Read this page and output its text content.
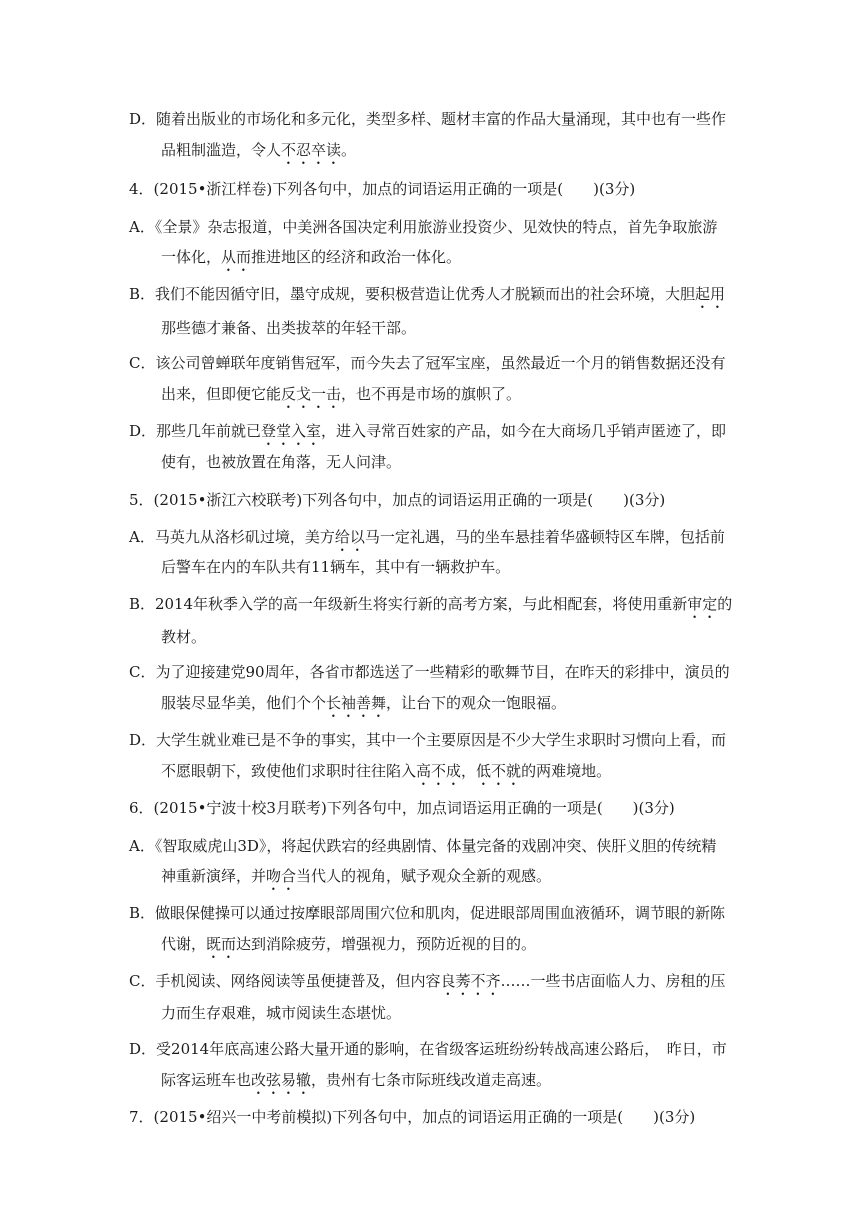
D．随着出版业的市场化和多元化，类型多样、题材丰富的作品大量涌现，其中也有一些作
品粗制滥造，令人不忍卒读。
4．(2015•浙江样卷)下列各句中，加点的词语运用正确的一项是(　　)(3分)
A．《全景》杂志报道，中美洲各国决定利用旅游业投资少、见效快的特点，首先争取旅游
一体化，从而推进地区的经济和政治一体化。
B．我们不能因循守旧，墨守成规，要积极营造让优秀人才脱颖而出的社会环境，大胆起用
那些德才兼备、出类拔萃的年轻干部。
C．该公司曾蝉联年度销售冠军，而今失去了冠军宝座，虽然最近一个月的销售数据还没有
出来，但即便它能反戈一击，也不再是市场的旗帜了。
D．那些几年前就已登堂入室，进入寻常百姓家的产品，如今在大商场几乎销声匿迹了，即
使有，也被放置在角落，无人问津。
5．(2015•浙江六校联考)下列各句中，加点的词语运用正确的一项是(　　)(3分)
A．马英九从洛杉矶过境，美方给以马一定礼遇，马的坐车悬挂着华盛顿特区车牌，包括前
后警车在内的车队共有11辆车，其中有一辆救护车。
B．2014年秋季入学的高一年级新生将实行新的高考方案，与此相配套，将使用重新审定的
教材。
C．为了迎接建党90周年，各省市都选送了一些精彩的歌舞节目，在昨天的彩排中，演员的
服装尽显华美，他们个个长袖善舞，让台下的观众一饱眼福。
D．大学生就业难已是不争的事实，其中一个主要原因是不少大学生求职时习惯向上看，而
不愿眼朝下，致使他们求职时往往陷入高不成，低不就的两难境地。
6．(2015•宁波十校3月联考)下列各句中，加点词语运用正确的一项是(　　)(3分)
A．《智取威虎山3D》，将起伏跌宕的经典剧情、体量完备的戏剧冲突、侠肝义胆的传统精
神重新演绎，并吻合当代人的视角，赋予观众全新的观感。
B．做眼保健操可以通过按摩眼部周围穴位和肌肉，促进眼部周围血液循环，调节眼的新陈
代谢，既而达到消除疲劳，增强视力，预防近视的目的。
C．手机阅读、网络阅读等虽便捷普及，但内容良莠不齐……一些书店面临人力、房租的压
力而生存艰难，城市阅读生态堪忧。
D．受2014年底高速公路大量开通的影响，在省级客运班纷纷转战高速公路后，　昨日，市
际客运班车也改弦易辙，贵州有七条市际班线改道走高速。
7．(2015•绍兴一中考前模拟)下列各句中，加点的词语运用正确的一项是(　　)(3分)
